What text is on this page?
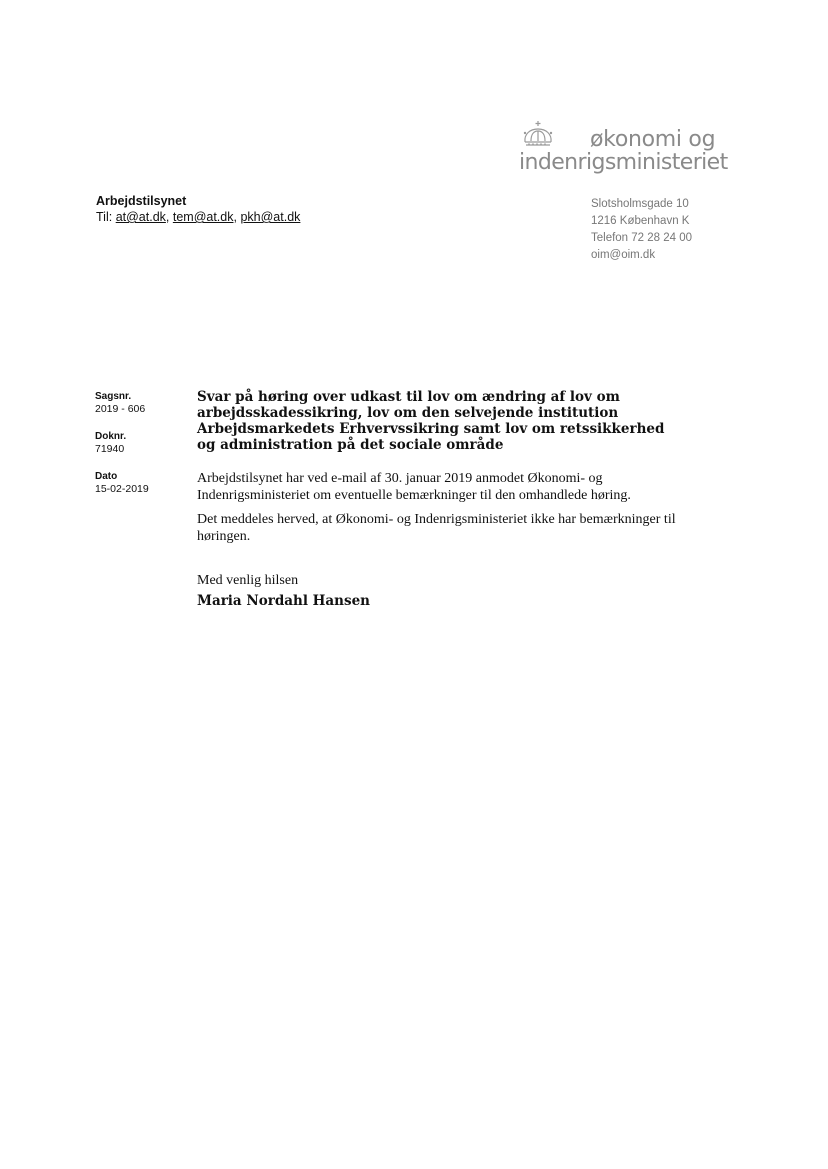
økonomi og
indenrigsministeriet
Arbejdstilsynet
Til: at@at.dk, tem@at.dk, pkh@at.dk
Slotsholmsgade 10
1216 København K
Telefon 72 28 24 00
oim@oim.dk
Sagsnr.
2019 - 606
Doknr.
71940
Dato
15-02-2019
Svar på høring over udkast til lov om ændring af lov om arbejdsskadessikring, lov om den selvejende institution Arbejdsmarkedets Erhvervssikring samt lov om retssikkerhed og administration på det sociale område
Arbejdstilsynet har ved e-mail af 30. januar 2019 anmodet Økonomi- og Indenrigsministeriet om eventuelle bemærkninger til den omhandlede høring.
Det meddeles herved, at Økonomi- og Indenrigsministeriet ikke har bemærkninger til høringen.
Med venlig hilsen
Maria Nordahl Hansen
